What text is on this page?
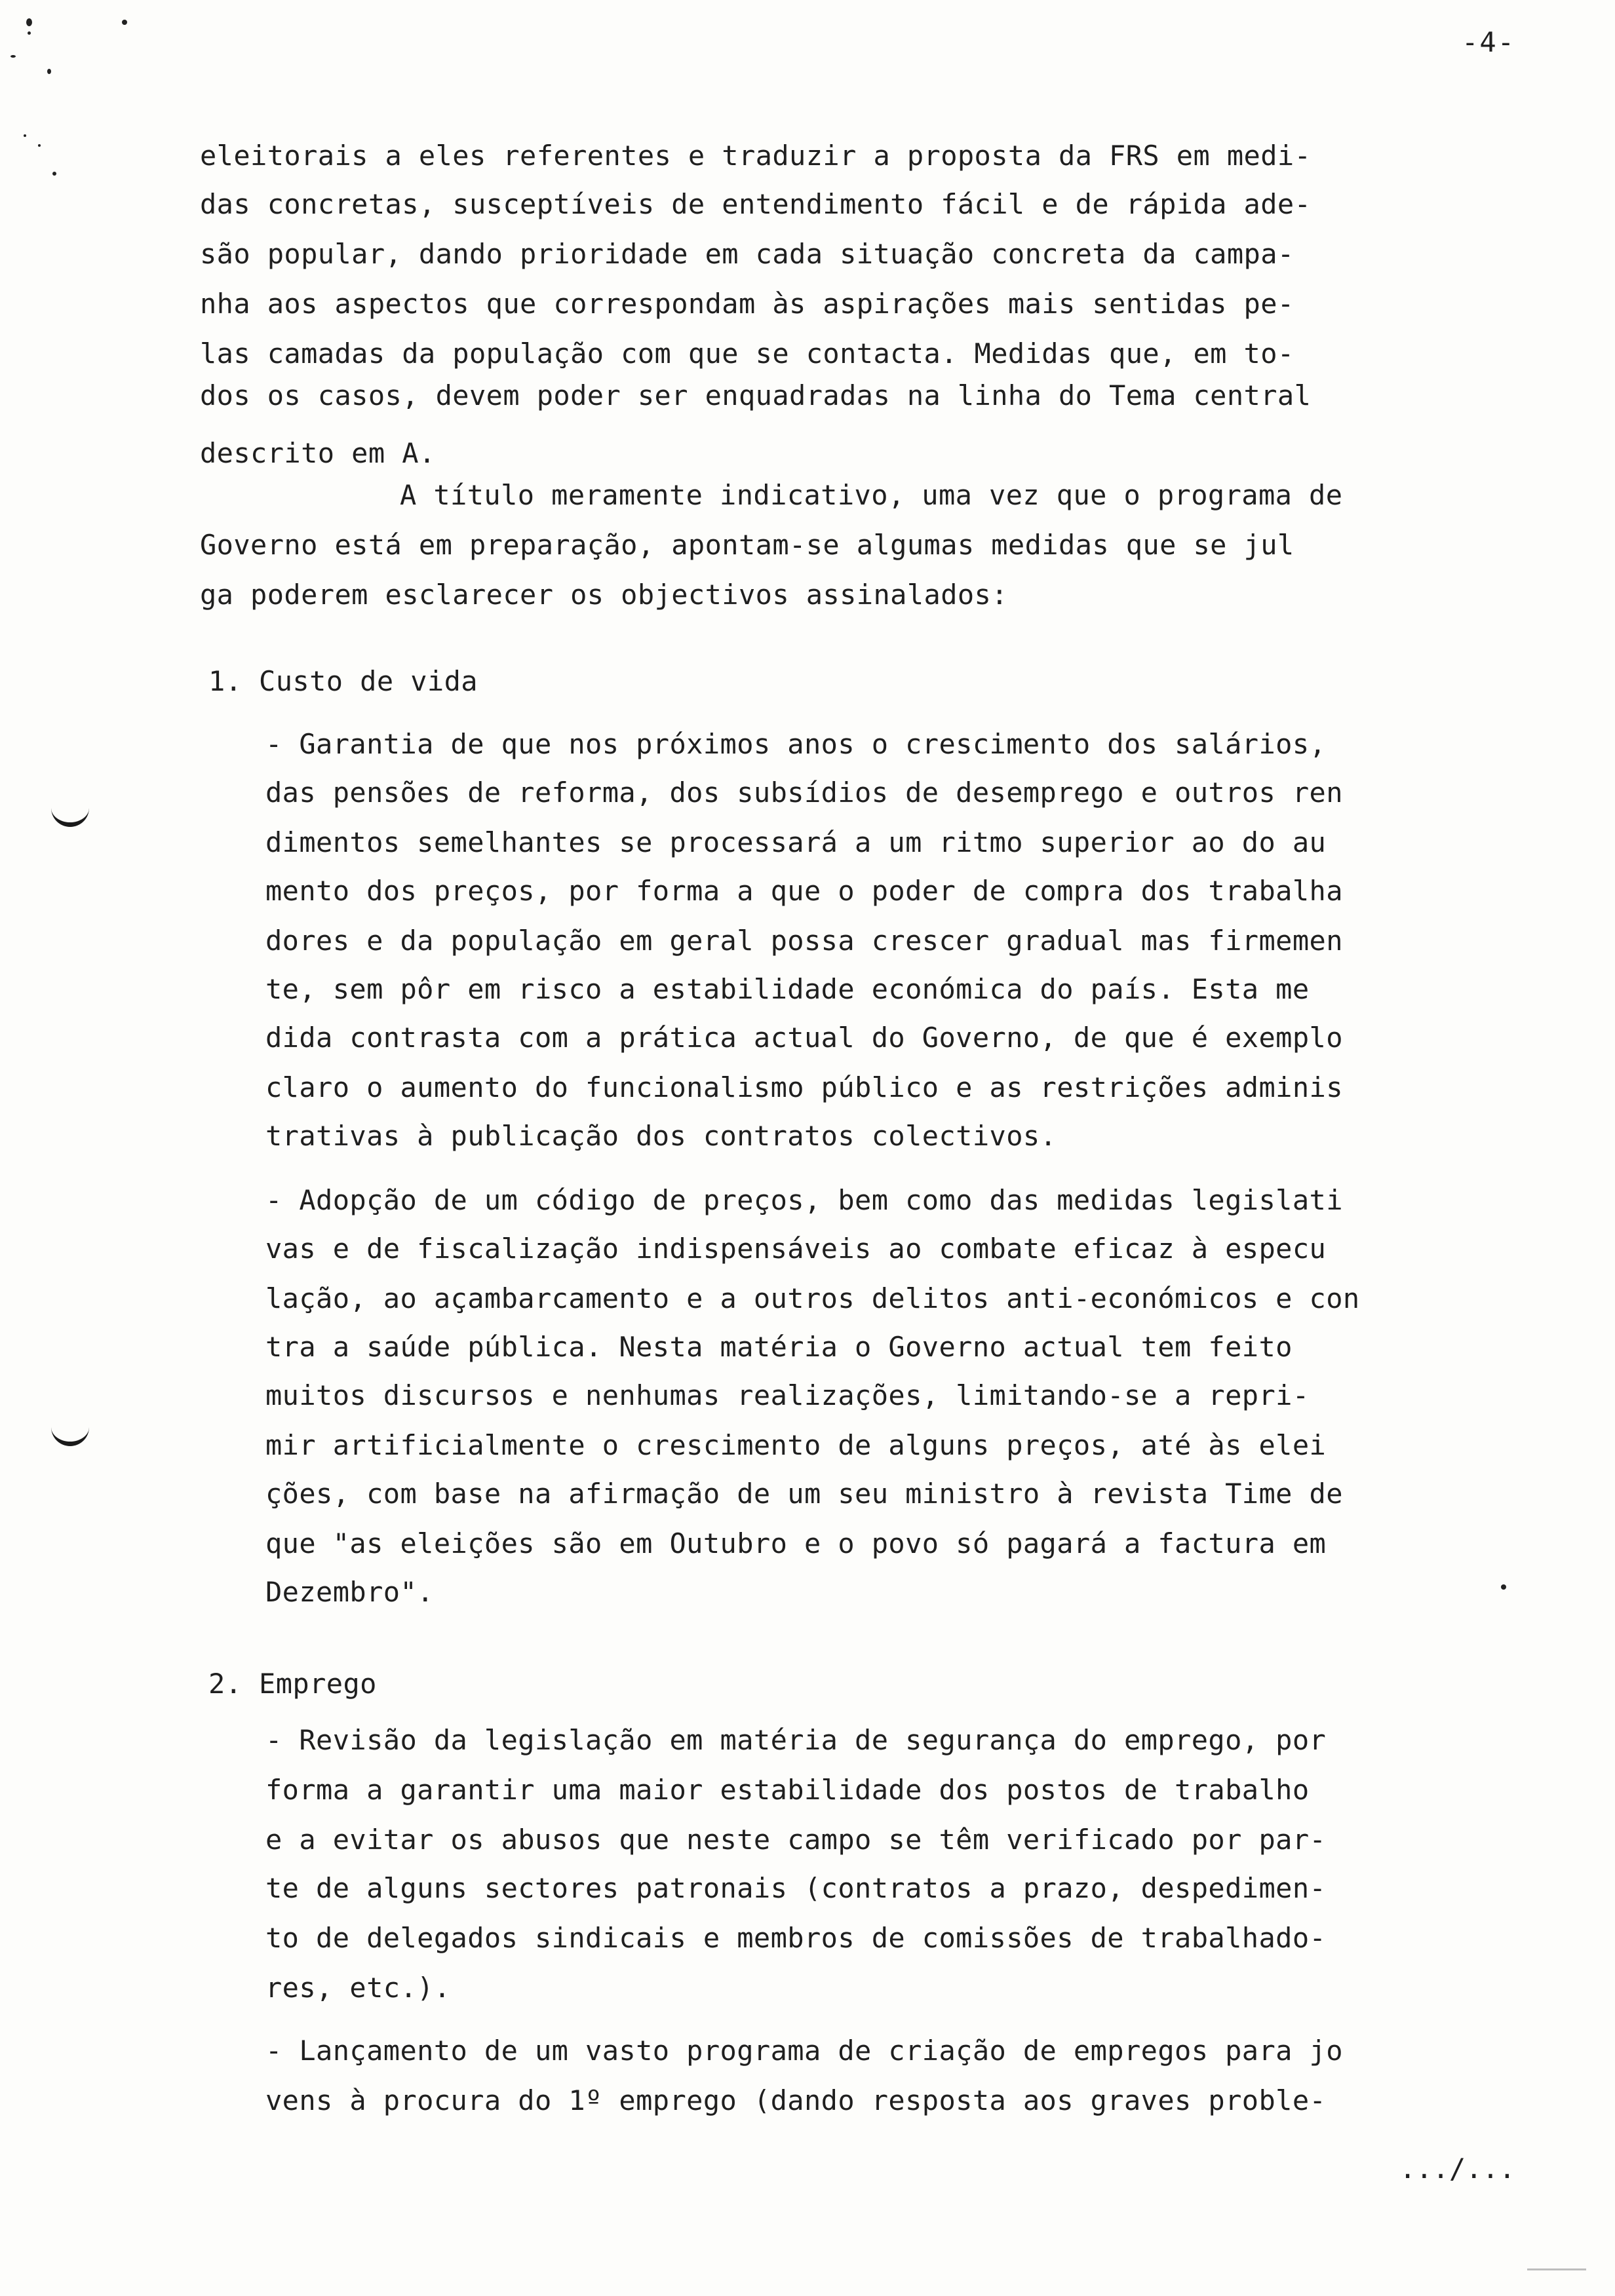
-4-
eleitorais a eles referentes e traduzir a proposta da FRS em medi-
das concretas, susceptíveis de entendimento fácil e de rápida ade-
são popular, dando prioridade em cada situação concreta da campa-
nha aos aspectos que correspondam às aspirações mais sentidas pe-
las camadas da população com que se contacta. Medidas que, em to-
dos os casos, devem poder ser enquadradas na linha do Tema central
descrito em A.
A título meramente indicativo, uma vez que o programa de
Governo está em preparação, apontam-se algumas medidas que se jul
ga poderem esclarecer os objectivos assinalados:
1. Custo de vida
- Garantia de que nos próximos anos o crescimento dos salários,
das pensões de reforma, dos subsídios de desemprego e outros ren
dimentos semelhantes se processará a um ritmo superior ao do au
mento dos preços, por forma a que o poder de compra dos trabalha
dores e da população em geral possa crescer gradual mas firmemen
te, sem pôr em risco a estabilidade económica do país. Esta me
dida contrasta com a prática actual do Governo, de que é exemplo
claro o aumento do funcionalismo público e as restrições adminis
trativas à publicação dos contratos colectivos.
- Adopção de um código de preços, bem como das medidas legislati
vas e de fiscalização indispensáveis ao combate eficaz à especu
lação, ao açambarcamento e a outros delitos anti-económicos e con
tra a saúde pública. Nesta matéria o Governo actual tem feito
muitos discursos e nenhumas realizações, limitando-se a repri-
mir artificialmente o crescimento de alguns preços, até às elei
ções, com base na afirmação de um seu ministro à revista Time de
que "as eleições são em Outubro e o povo só pagará a factura em
Dezembro".
2. Emprego
- Revisão da legislação em matéria de segurança do emprego, por
forma a garantir uma maior estabilidade dos postos de trabalho
e a evitar os abusos que neste campo se têm verificado por par-
te de alguns sectores patronais (contratos a prazo, despedimen-
to de delegados sindicais e membros de comissões de trabalhado-
res, etc.).
- Lançamento de um vasto programa de criação de empregos para jo
vens à procura do 1º emprego (dando resposta aos graves proble-
.../...
